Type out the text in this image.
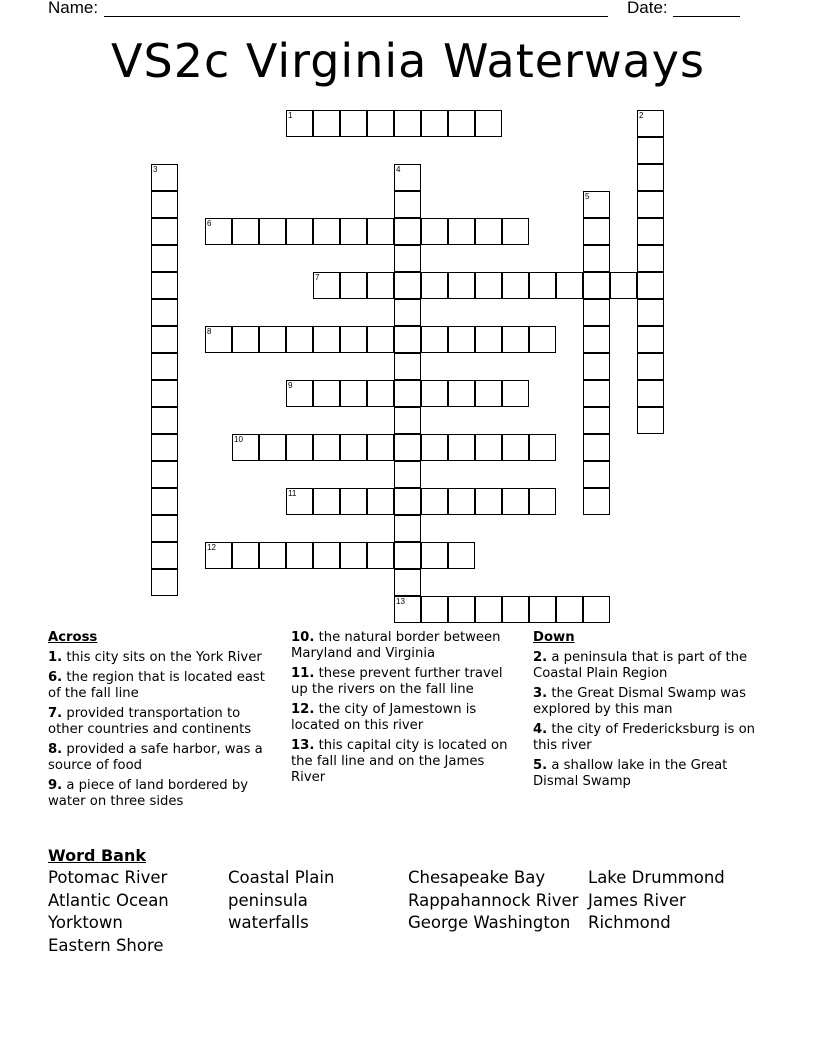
Name:	Date:
VS2c Virginia Waterways
1	2
3	4
13
5
6
7
8
9
10
11
12
Across
1. this city sits on the York River
6. the region that is located east of the fall line
7. provided transportation to other countries and continents
8. provided a safe harbor, was a source of food
9. a piece of land bordered by water on three sides
10. the natural border between Maryland and Virginia
11. these prevent further travel up the rivers on the fall line
12. the city of Jamestown is located on this river
13. this capital city is located on the fall line and on the James River
Down
2. a peninsula that is part of the Coastal Plain Region
3. the Great Dismal Swamp was explored by this man
4. the city of Fredericksburg is on this river
5. a shallow lake in the Great Dismal Swamp
Word Bank
Potomac River
Atlantic Ocean
Yorktown
Eastern Shore
Coastal Plain
peninsula
waterfalls
Chesapeake Bay
Rappahannock River
George Washington
Lake Drummond
James River
Richmond
